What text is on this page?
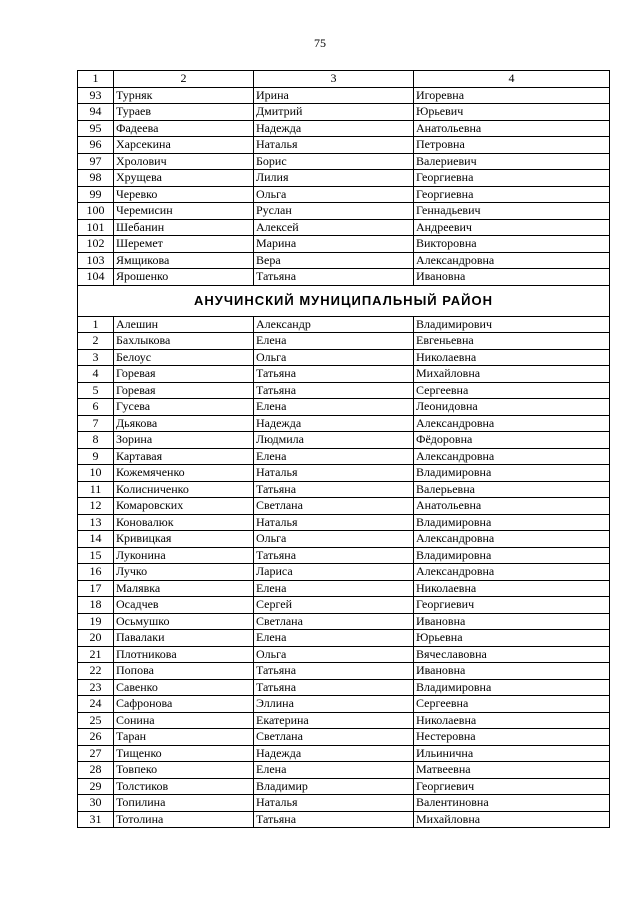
75
1	2	3	4
93	Турняк	Ирина	Игоревна
94	Тураев	Дмитрий	Юрьевич
95	Фадеева	Надежда	Анатольевна
96	Харсекина	Наталья	Петровна
97	Хролович	Борис	Валериевич
98	Хрущева	Лилия	Георгиевна
99	Черевко	Ольга	Георгиевна
100	Черемисин	Руслан	Геннадьевич
101	Шебанин	Алексей	Андреевич
102	Шеремет	Марина	Викторовна
103	Ямщикова	Вера	Александровна
104	Ярошенко	Татьяна	Ивановна
АНУЧИНСКИЙ МУНИЦИПАЛЬНЫЙ РАЙОН			
1	Алешин	Александр	Владимирович
2	Бахлыкова	Елена	Евгеньевна
3	Белоус	Ольга	Николаевна
4	Горевая	Татьяна	Михайловна
5	Горевая	Татьяна	Сергеевна
6	Гусева	Елена	Леонидовна
7	Дьякова	Надежда	Александровна
8	Зорина	Людмила	Фёдоровна
9	Картавая	Елена	Александровна
10	Кожемяченко	Наталья	Владимировна
11	Колисниченко	Татьяна	Валерьевна
12	Комаровских	Светлана	Анатольевна
13	Коновалюк	Наталья	Владимировна
14	Кривицкая	Ольга	Александровна
15	Луконина	Татьяна	Владимировна
16	Лучко	Лариса	Александровна
17	Малявка	Елена	Николаевна
18	Осадчев	Сергей	Георгиевич
19	Осьмушко	Светлана	Ивановна
20	Павалаки	Елена	Юрьевна
21	Плотникова	Ольга	Вячеславовна
22	Попова	Татьяна	Ивановна
23	Савенко	Татьяна	Владимировна
24	Сафронова	Эллина	Сергеевна
25	Сонина	Екатерина	Николаевна
26	Таран	Светлана	Нестеровна
27	Тищенко	Надежда	Ильинична
28	Товпеко	Елена	Матвеевна
29	Толстиков	Владимир	Георгиевич
30	Топилина	Наталья	Валентиновна
31	Тотолина	Татьяна	Михайловна
